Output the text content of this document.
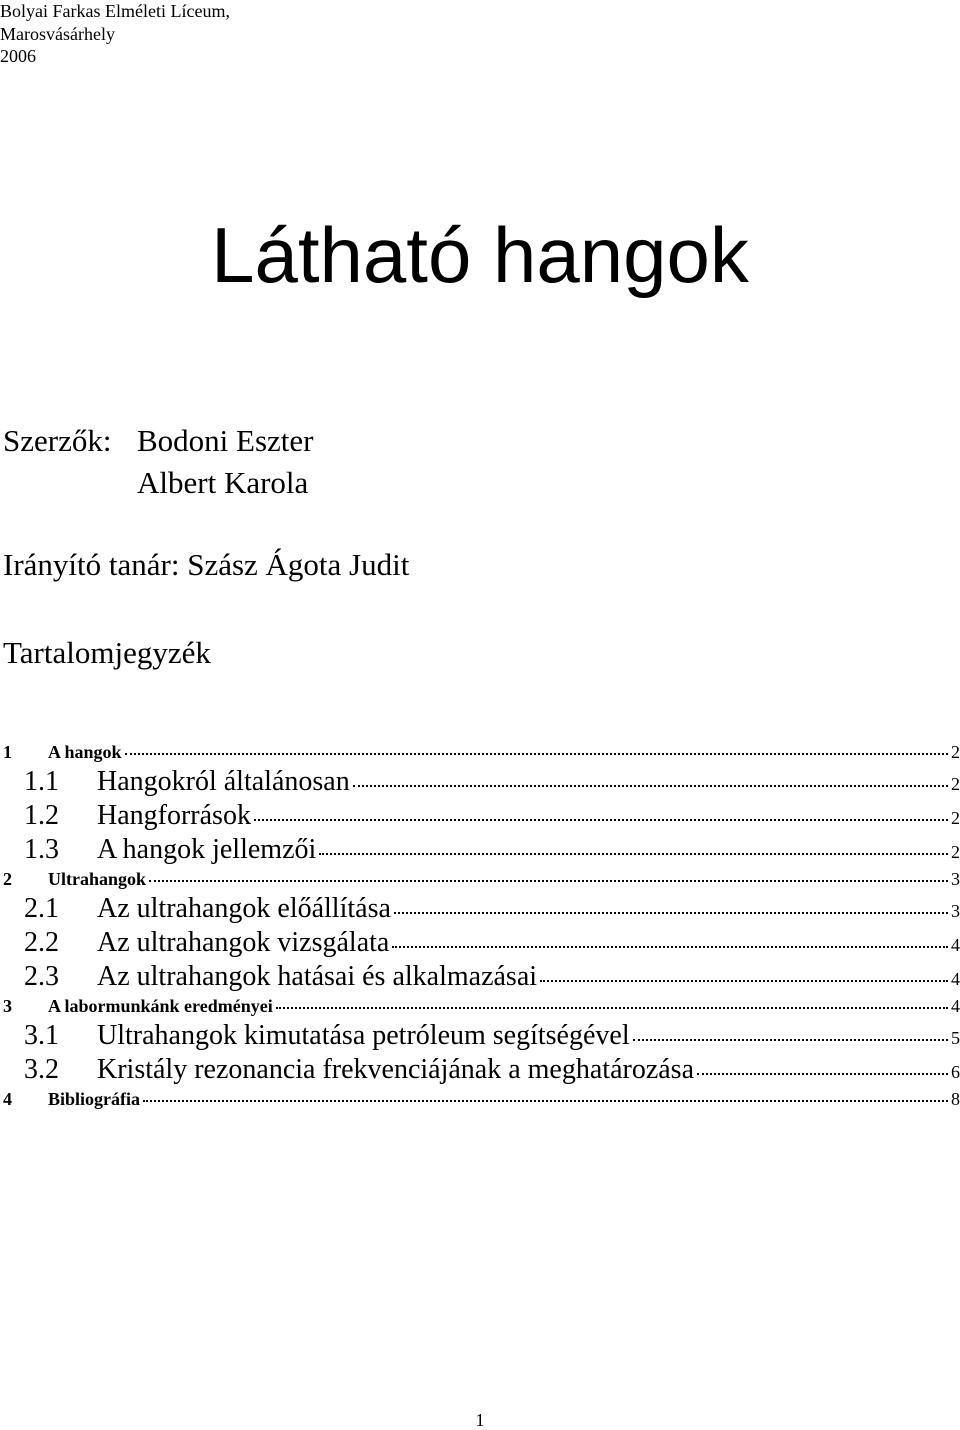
Bolyai Farkas Elméleti Líceum,
Marosvásárhely
2006
Látható hangok
Szerzők: Bodoni Eszter
Albert Karola
Irányító tanár: Szász Ágota Judit
Tartalomjegyzék
1	A hangok	2
1.1	Hangokról általánosan	2
1.2	Hangforrások	2
1.3	A hangok jellemzői	2
2	Ultrahangok	3
2.1	Az ultrahangok előállítása	3
2.2	Az ultrahangok vizsgálata	4
2.3	Az ultrahangok hatásai és alkalmazásai	4
3	A labormunkánk eredményei	4
3.1	Ultrahangok kimutatása petróleum segítségével	5
3.2	Kristály rezonancia frekvenciájának a meghatározása	6
4	Bibliográfia	8
1
